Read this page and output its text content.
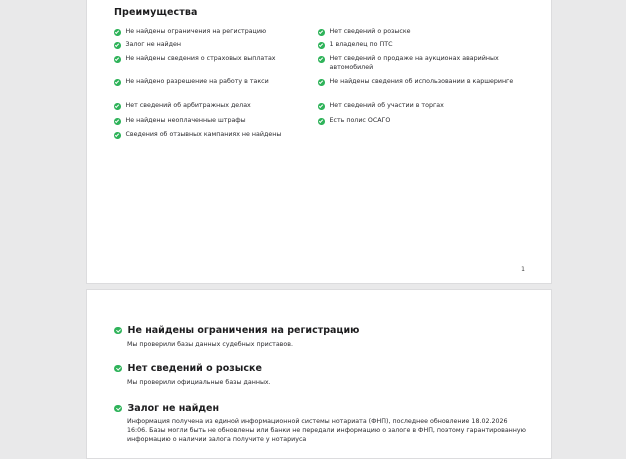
Преимущества
Не найдены ограничения на регистрацию
Залог не найден
Не найдены сведения о страховых выплатах
Не найдено разрешение на работу в такси
Нет сведений об арбитражных делах
Не найдены неоплаченные штрафы
Сведения об отзывных кампаниях не найдены
Нет сведений о розыске
1 владелец по ПТС
Нет сведений о продаже на аукционах аварийных автомобилей
Не найдены сведения об использовании в каршеринге
Нет сведений об участии в торгах
Есть полис ОСАГО
1
Не найдены ограничения на регистрацию

Мы проверили базы данных судебных приставов.

Нет сведений о розыске

Мы проверили официальные базы данных.

Залог не найден

Информация получена из единой информационной системы нотариата (ФНП), последнее обновление 18.02.2026 16:06. Базы могли быть не обновлены или банки не передали информацию о залоге в ФНП, поэтому гарантированную информацию о наличии залога получите у нотариуса
